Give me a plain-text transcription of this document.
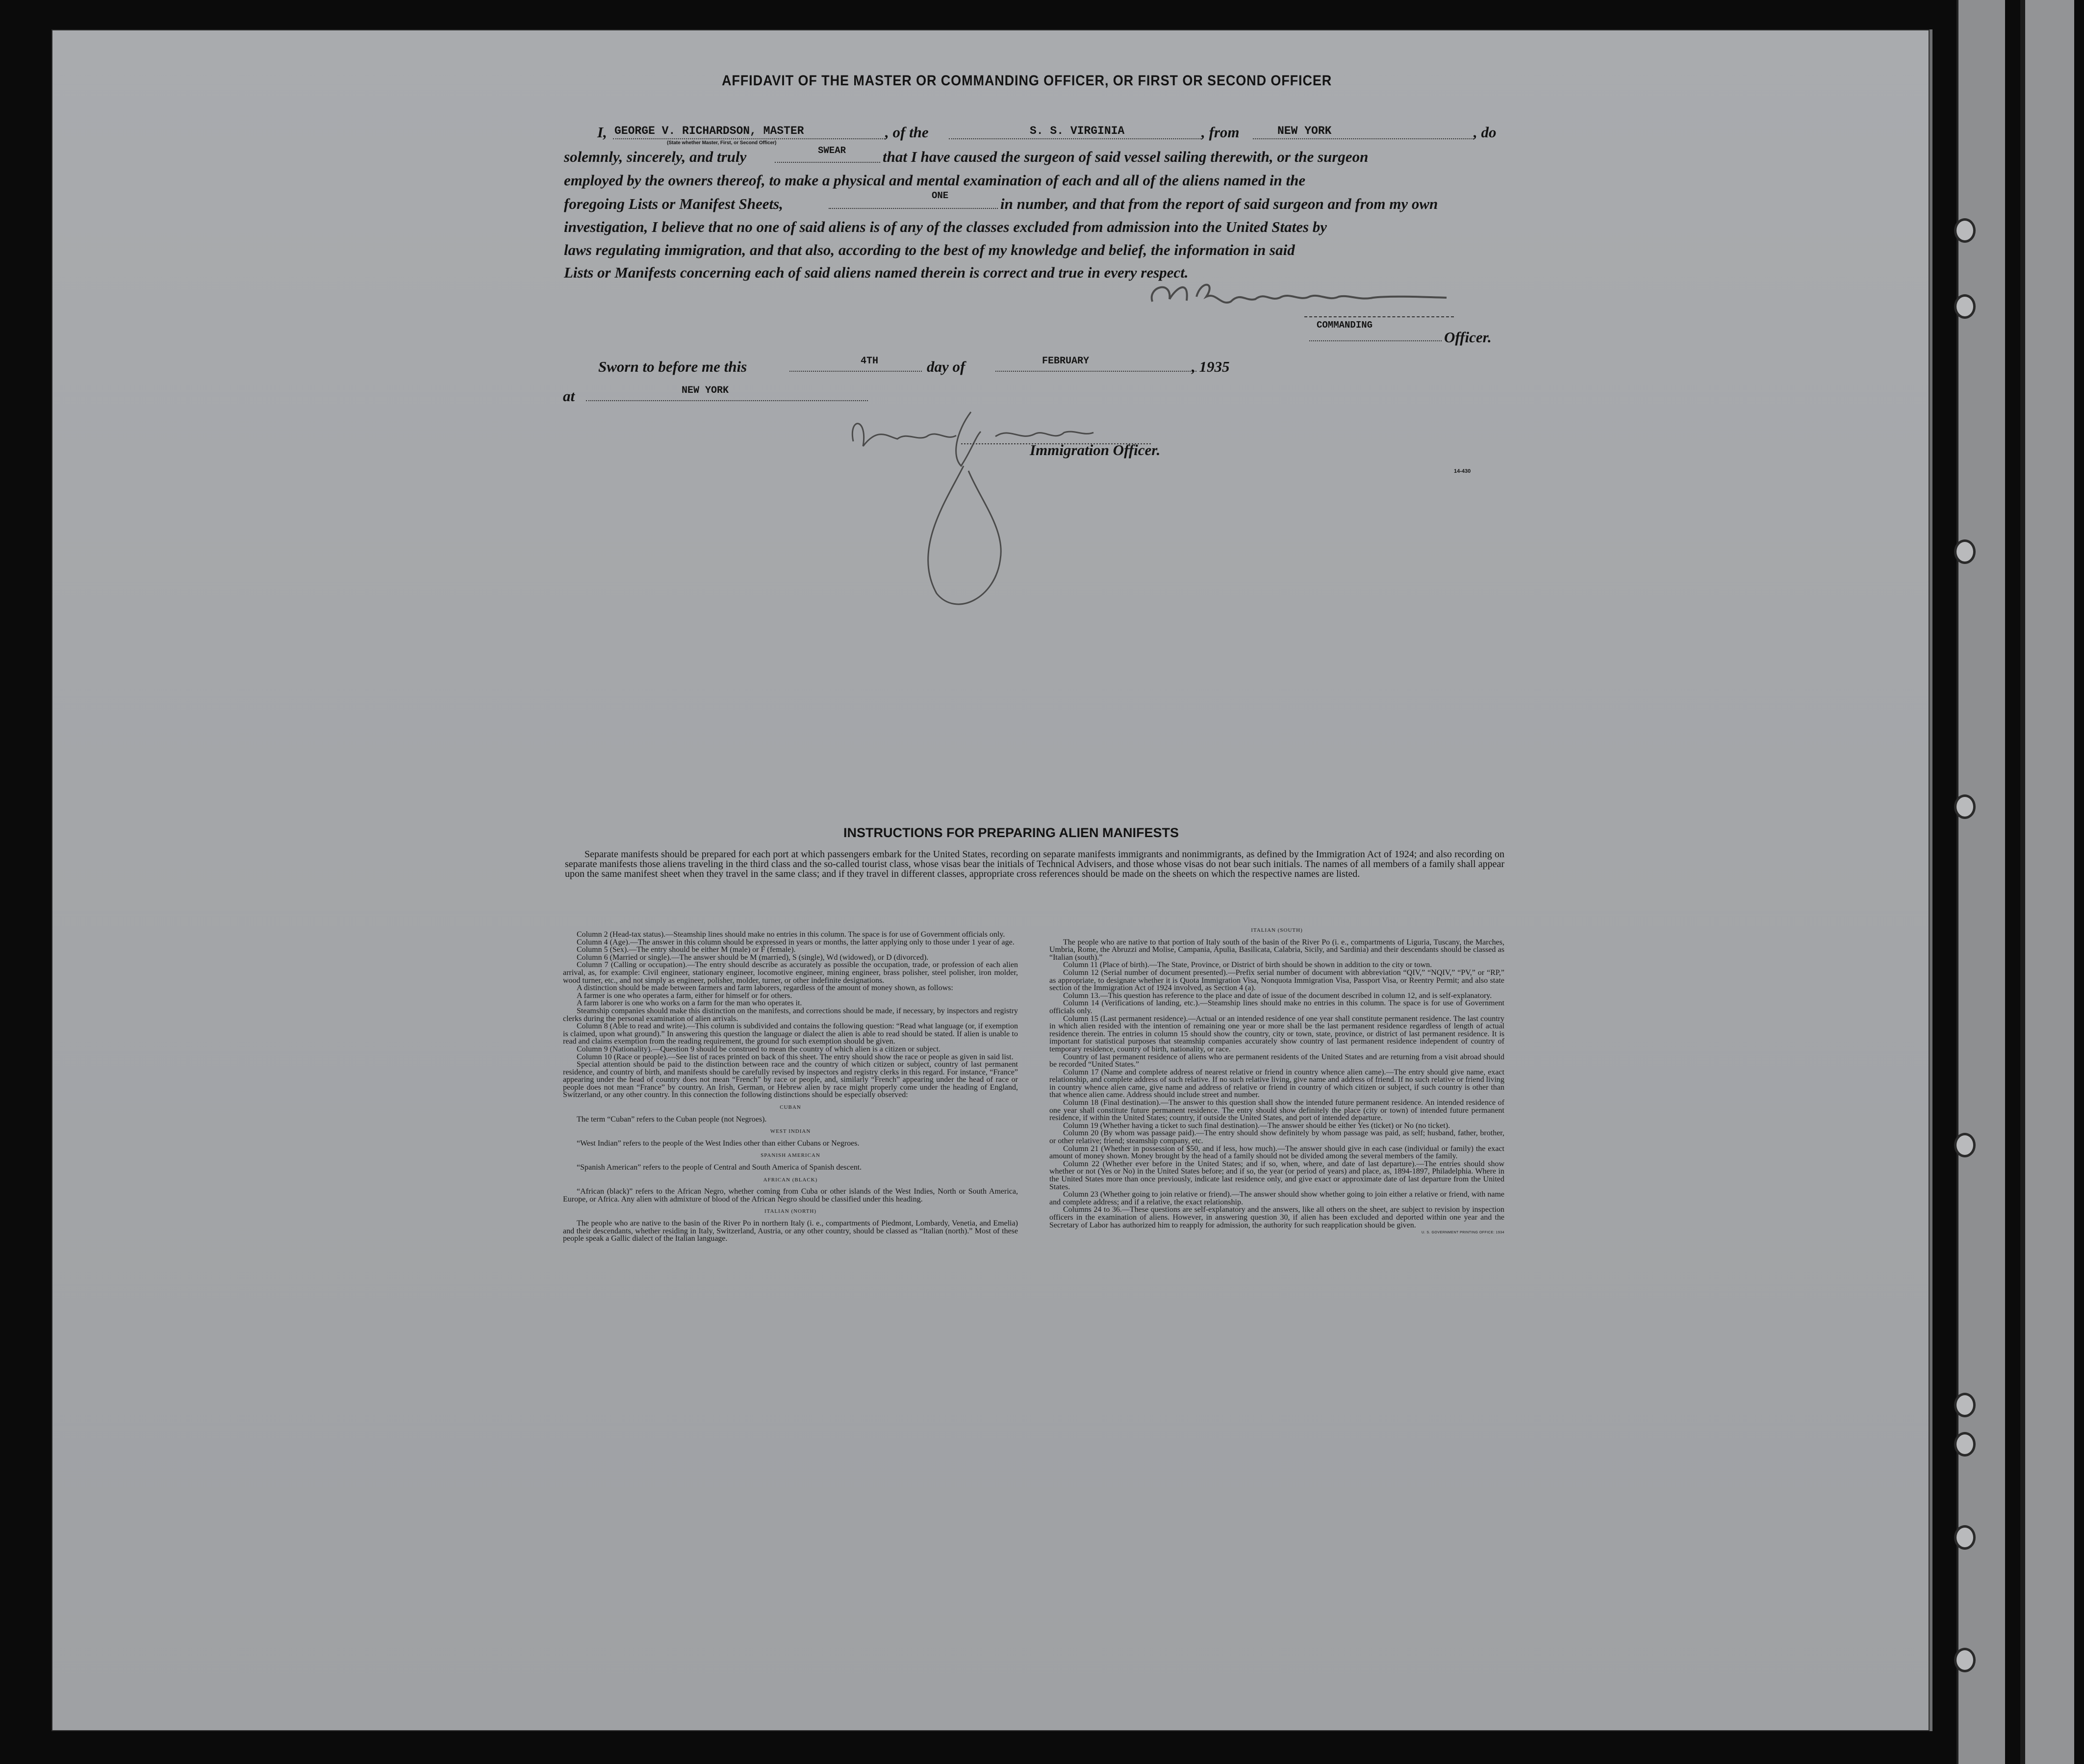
AFFIDAVIT OF THE MASTER OR COMMANDING OFFICER, OR FIRST OR SECOND OFFICER
I, GEORGE V. RICHARDSON, MASTER
(State whether Master, First, or Second Officer)
, of the	S. S. VIRGINIA	, from	NEW YORK	, do
solemnly, sincerely, and truly	SWEAR that I have caused the surgeon of said vessel sailing therewith, or the surgeon
employed by the owners thereof, to make a physical and mental examination of each and all of the aliens named in the
foregoing Lists or Manifest Sheets,	ONE	in number, and that from the report of said surgeon and from my own
investigation, I believe that no one of said aliens is of any of the classes excluded from admission into the United States by
laws regulating immigration, and that also, according to the best of my knowledge and belief, the information in said
Lists or Manifests concerning each of said aliens named therein is correct and true in every respect.
COMMANDING
Officer.
Sworn to before me this	4TH	day of	FEBRUARY	, 1935
at	NEW YORK
Immigration Officer.
14-430
INSTRUCTIONS FOR PREPARING ALIEN MANIFESTS
Separate manifests should be prepared for each port at which passengers embark for the United States, recording on separate manifests immigrants and nonimmigrants, as defined by the Immigration Act of 1924; and also recording on separate manifests those aliens traveling in the third class and the so-called tourist class, whose visas bear the initials of Technical Advisers, and those whose visas do not bear such initials. The names of all members of a family shall appear upon the same manifest sheet when they travel in the same class; and if they travel in different classes, appropriate cross references should be made on the sheets on which the respective names are listed.

Column 2 (Head-tax status).—Steamship lines should make no entries in this column. The space is for use of Government officials only.

Column 4 (Age).—The answer in this column should be expressed in years or months, the latter applying only to those under 1 year of age.

Column 5 (Sex).—The entry should be either M (male) or F (female).

Column 6 (Married or single).—The answer should be M (married), S (single), Wd (widowed), or D (divorced).

Column 7 (Calling or occupation).—The entry should describe as accurately as possible the occupation, trade, or profession of each alien arrival, as, for example: Civil engineer, stationary engineer, locomotive engineer, mining engineer, brass polisher, steel polisher, iron molder, wood turner, etc., and not simply as engineer, polisher, molder, turner, or other indefinite designations.

A distinction should be made between farmers and farm laborers, regardless of the amount of money shown, as follows:

A farmer is one who operates a farm, either for himself or for others.

A farm laborer is one who works on a farm for the man who operates it.

Steamship companies should make this distinction on the manifests, and corrections should be made, if necessary, by inspectors and registry clerks during the personal examination of alien arrivals.

Column 8 (Able to read and write).—This column is subdivided and contains the following question: “Read what language (or, if exemption is claimed, upon what ground).” In answering this question the language or dialect the alien is able to read should be stated. If alien is unable to read and claims exemption from the reading requirement, the ground for such exemption should be given.

Column 9 (Nationality).—Question 9 should be construed to mean the country of which alien is a citizen or subject.

Column 10 (Race or people).—See list of races printed on back of this sheet. The entry should show the race or people as given in said list.

Special attention should be paid to the distinction between race and the country of which citizen or subject, country of last permanent residence, and country of birth, and manifests should be carefully revised by inspectors and registry clerks in this regard. For instance, “France” appearing under the head of country does not mean “French” by race or people, and, similarly “French” appearing under the head of race or people does not mean “France” by country. An Irish, German, or Hebrew alien by race might properly come under the heading of England, Switzerland, or any other country. In this connection the following distinctions should be especially observed:

CUBAN

The term “Cuban” refers to the Cuban people (not Negroes).

WEST INDIAN

“West Indian” refers to the people of the West Indies other than either Cubans or Negroes.

SPANISH AMERICAN

“Spanish American” refers to the people of Central and South America of Spanish descent.

AFRICAN (BLACK)

“African (black)” refers to the African Negro, whether coming from Cuba or other islands of the West Indies, North or South America, Europe, or Africa. Any alien with admixture of blood of the African Negro should be classified under this heading.

ITALIAN (NORTH)

The people who are native to the basin of the River Po in northern Italy (i. e., compartments of Piedmont, Lombardy, Venetia, and Emelia) and their descendants, whether residing in Italy, Switzerland, Austria, or any other country, should be classed as “Italian (north).” Most of these people speak a Gallic dialect of the Italian language.

ITALIAN (SOUTH)

The people who are native to that portion of Italy south of the basin of the River Po (i. e., compartments of Liguria, Tuscany, the Marches, Umbria, Rome, the Abruzzi and Molise, Campania, Apulia, Basilicata, Calabria, Sicily, and Sardinia) and their descendants should be classed as “Italian (south).”

Column 11 (Place of birth).—The State, Province, or District of birth should be shown in addition to the city or town.

Column 12 (Serial number of document presented).—Prefix serial number of document with abbreviation “QIV,” “NQIV,” “PV,” or “RP,” as appropriate, to designate whether it is Quota Immigration Visa, Nonquota Immigration Visa, Passport Visa, or Reentry Permit; and also state section of the Immigration Act of 1924 involved, as Section 4 (a).

Column 13.—This question has reference to the place and date of issue of the document described in column 12, and is self-explanatory.

Column 14 (Verifications of landing, etc.).—Steamship lines should make no entries in this column. The space is for use of Government officials only.

Column 15 (Last permanent residence).—Actual or an intended residence of one year shall constitute permanent residence. The last country in which alien resided with the intention of remaining one year or more shall be the last permanent residence regardless of length of actual residence therein. The entries in column 15 should show the country, city or town, state, province, or district of last permanent residence. It is important for statistical purposes that steamship companies accurately show country of last permanent residence independent of country of temporary residence, country of birth, nationality, or race.

Country of last permanent residence of aliens who are permanent residents of the United States and are returning from a visit abroad should be recorded “United States.”

Column 17 (Name and complete address of nearest relative or friend in country whence alien came).—The entry should give name, exact relationship, and complete address of such relative. If no such relative living, give name and address of friend. If no such relative or friend living in country whence alien came, give name and address of relative or friend in country of which citizen or subject, if such country is other than that whence alien came. Address should include street and number.

Column 18 (Final destination).—The answer to this question shall show the intended future permanent residence. An intended residence of one year shall constitute future permanent residence. The entry should show definitely the place (city or town) of intended future permanent residence, if within the United States; country, if outside the United States, and port of intended departure.

Column 19 (Whether having a ticket to such final destination).—The answer should be either Yes (ticket) or No (no ticket).

Column 20 (By whom was passage paid).—The entry should show definitely by whom passage was paid, as self; husband, father, brother, or other relative; friend; steamship company, etc.

Column 21 (Whether in possession of $50, and if less, how much).—The answer should give in each case (individual or family) the exact amount of money shown. Money brought by the head of a family should not be divided among the several members of the family.

Column 22 (Whether ever before in the United States; and if so, when, where, and date of last departure).—The entries should show whether or not (Yes or No) in the United States before; and if so, the year (or period of years) and place, as, 1894-1897, Philadelphia. Where in the United States more than once previously, indicate last residence only, and give exact or approximate date of last departure from the United States.

Column 23 (Whether going to join relative or friend).—The answer should show whether going to join either a relative or friend, with name and complete address; and if a relative, the exact relationship.

Columns 24 to 36.—These questions are self-explanatory and the answers, like all others on the sheet, are subject to revision by inspection officers in the examination of aliens. However, in answering question 30, if alien has been excluded and deported within one year and the Secretary of Labor has authorized him to reapply for admission, the authority for such reapplication should be given.

U. S. GOVERNMENT PRINTING OFFICE: 1934
